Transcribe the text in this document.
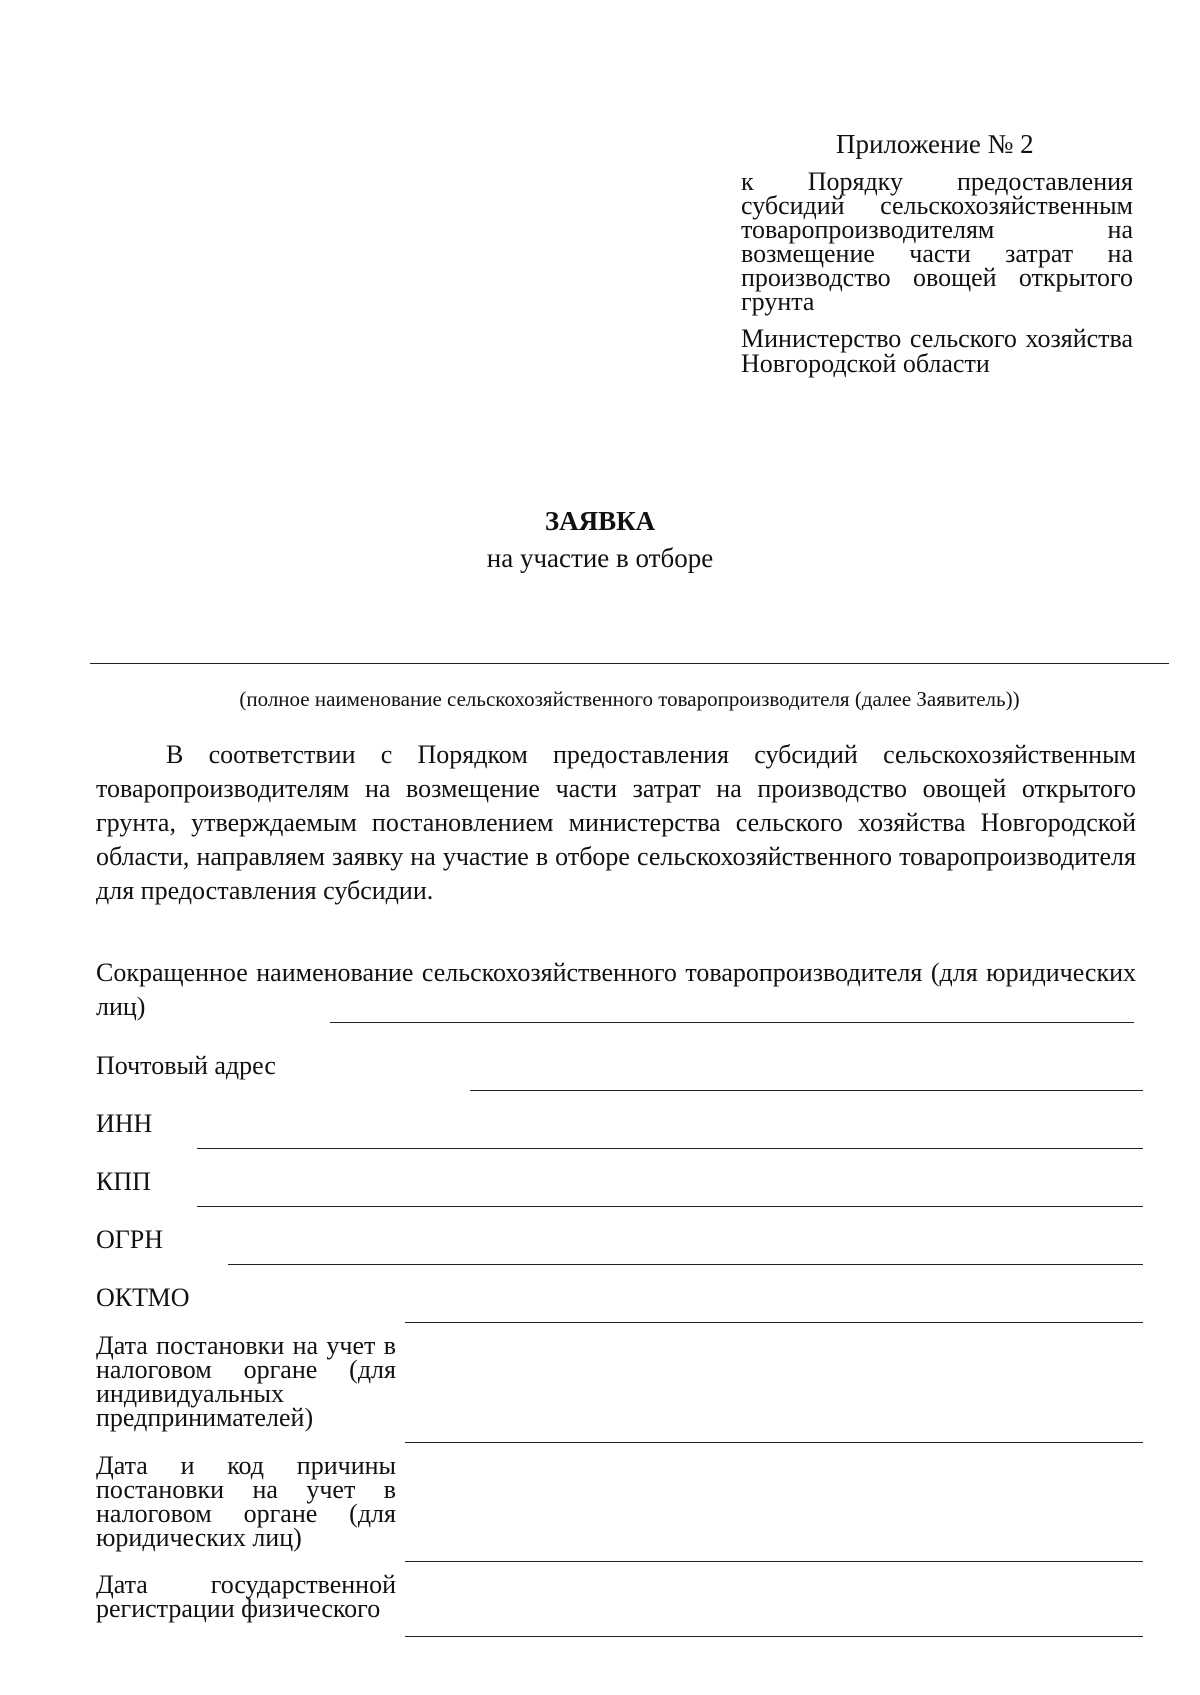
Приложение № 2
к Порядку предоставления субсидий сельскохозяйственным товаропроизводителям на возмещение части затрат на производство овощей открытого грунта
Министерство сельского хозяйства Новгородской области
ЗАЯВКА
на участие в отборе
(полное наименование сельскохозяйственного товаропроизводителя (далее Заявитель))
В соответствии с Порядком предоставления субсидий сельскохозяйственным товаропроизводителям на возмещение части затрат на производство овощей открытого грунта, утверждаемым постановлением министерства сельского хозяйства Новгородской области, направляем заявку на участие в отборе сельскохозяйственного товаропроизводителя для предоставления субсидии.
Сокращенное наименование сельскохозяйственного товаропроизводителя (для юридических лиц)
Почтовый адрес
ИНН
КПП
ОГРН
ОКТМО
Дата постановки на учет в налоговом органе (для индивидуальных предпринимателей)
Дата и код причины постановки на учет в налоговом органе (для юридических лиц)
Дата государственной регистрации физического
